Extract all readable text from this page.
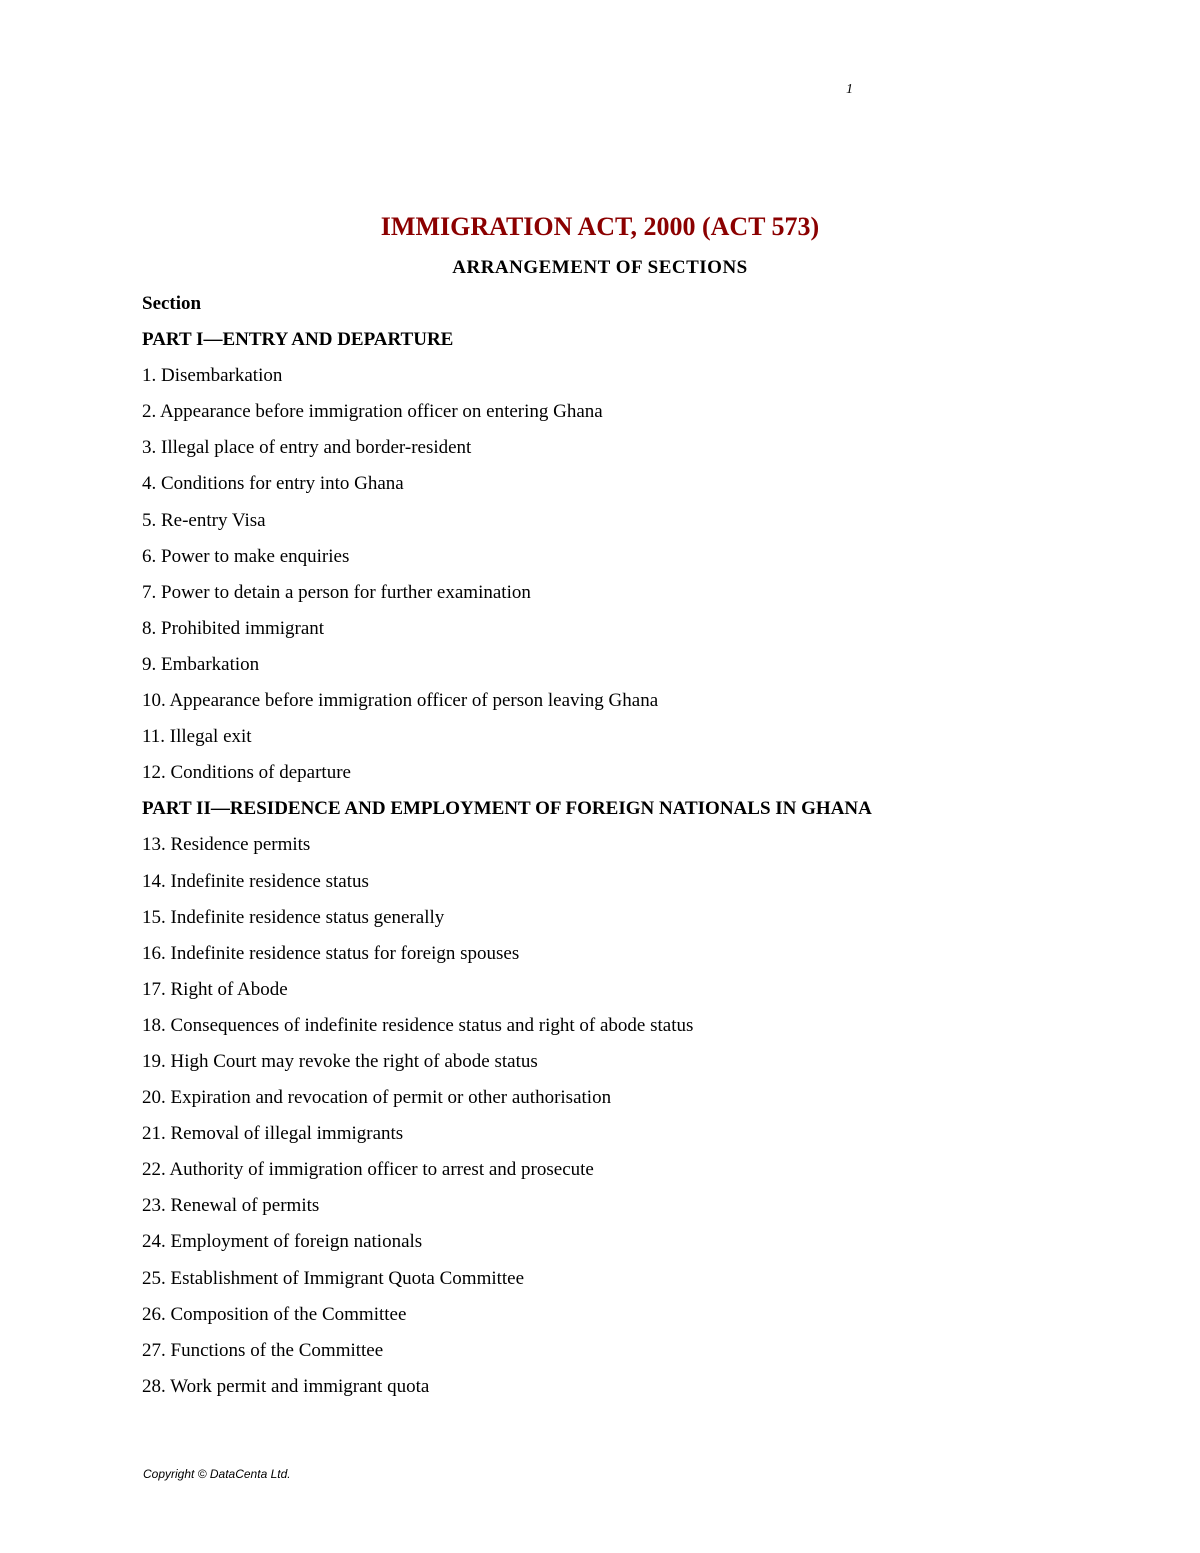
1
IMMIGRATION ACT, 2000 (ACT 573)
ARRANGEMENT OF SECTIONS
Section
PART I—ENTRY AND DEPARTURE
1. Disembarkation
2. Appearance before immigration officer on entering Ghana
3. Illegal place of entry and border-resident
4. Conditions for entry into Ghana
5. Re-entry Visa
6. Power to make enquiries
7. Power to detain a person for further examination
8. Prohibited immigrant
9. Embarkation
10. Appearance before immigration officer of person leaving Ghana
11. Illegal exit
12. Conditions of departure
PART II—RESIDENCE AND EMPLOYMENT OF FOREIGN NATIONALS IN GHANA
13. Residence permits
14. Indefinite residence status
15. Indefinite residence status generally
16. Indefinite residence status for foreign spouses
17. Right of Abode
18. Consequences of indefinite residence status and right of abode status
19. High Court may revoke the right of abode status
20. Expiration and revocation of permit or other authorisation
21. Removal of illegal immigrants
22. Authority of immigration officer to arrest and prosecute
23. Renewal of permits
24. Employment of foreign nationals
25. Establishment of Immigrant Quota Committee
26. Composition of the Committee
27. Functions of the Committee
28. Work permit and immigrant quota
Copyright © DataCenta Ltd.
